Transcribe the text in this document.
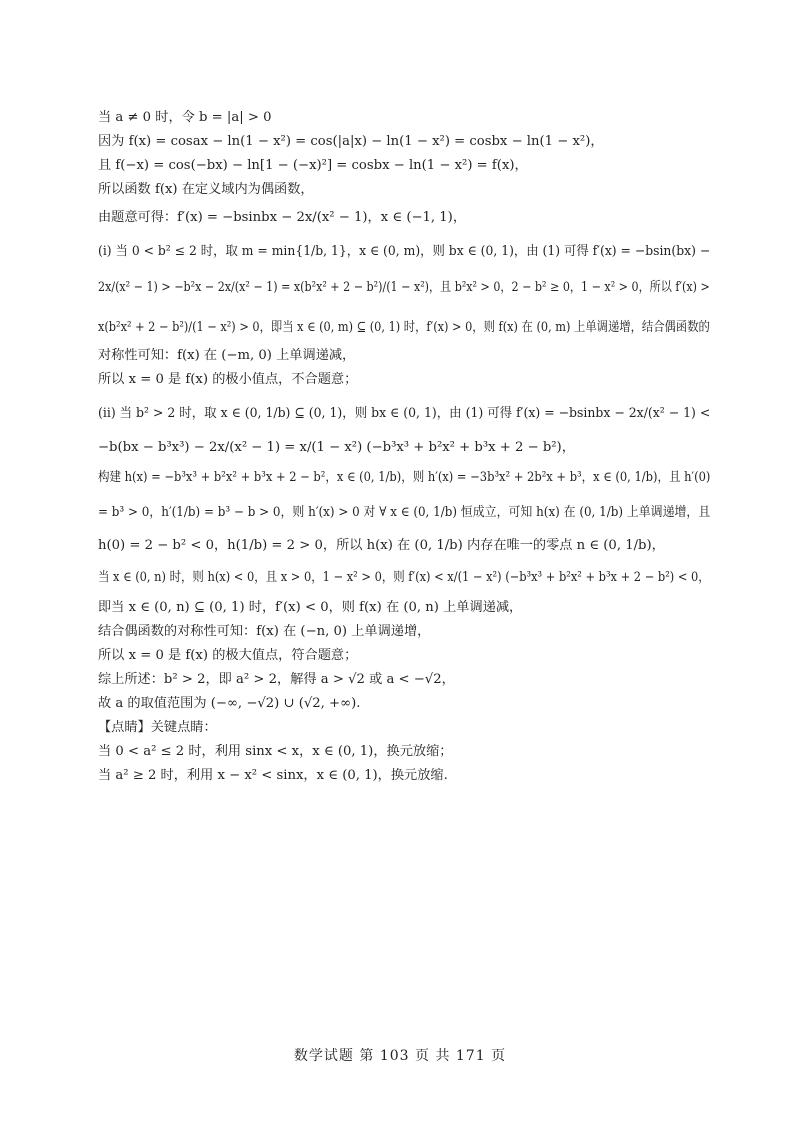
当 a ≠ 0 时，令 b = |a| > 0
因为 f(x) = cosax − ln(1 − x²) = cos(|a|x) − ln(1 − x²) = cosbx − ln(1 − x²)，
且 f(−x) = cos(−bx) − ln[1 − (−x)²] = cosbx − ln(1 − x²) = f(x)，
所以函数 f(x) 在定义域内为偶函数，
由题意可得：f′(x) = −bsinbx − 2x/(x² − 1)，x ∈ (−1, 1)，
(i) 当 0 < b² ≤ 2 时，取 m = min{1/b, 1}，x ∈ (0, m)，则 bx ∈ (0, 1)，由 (1) 可得 f′(x) = −bsin(bx) −
2x/(x² − 1) > −b²x − 2x/(x² − 1) = x(b²x² + 2 − b²)/(1 − x²)，且 b²x² > 0，2 − b² ≥ 0，1 − x² > 0，所以 f′(x) >
x(b²x² + 2 − b²)/(1 − x²) > 0，即当 x ∈ (0, m) ⊆ (0, 1) 时，f′(x) > 0，则 f(x) 在 (0, m) 上单调递增，结合偶函数的
对称性可知：f(x) 在 (−m, 0) 上单调递减，
所以 x = 0 是 f(x) 的极小值点，不合题意；
(ii) 当 b² > 2 时，取 x ∈ (0, 1/b) ⊆ (0, 1)，则 bx ∈ (0, 1)，由 (1) 可得 f′(x) = −bsinbx − 2x/(x² − 1) <
−b(bx − b³x³) − 2x/(x² − 1) = x/(1 − x²) (−b³x³ + b²x² + b³x + 2 − b²)，
构建 h(x) = −b³x³ + b²x² + b³x + 2 − b²，x ∈ (0, 1/b)，则 h′(x) = −3b³x² + 2b²x + b³，x ∈ (0, 1/b)，且 h′(0)
= b³ > 0，h′(1/b) = b³ − b > 0，则 h′(x) > 0 对 ∀ x ∈ (0, 1/b) 恒成立，可知 h(x) 在 (0, 1/b) 上单调递增，且
h(0) = 2 − b² < 0，h(1/b) = 2 > 0，所以 h(x) 在 (0, 1/b) 内存在唯一的零点 n ∈ (0, 1/b)，
当 x ∈ (0, n) 时，则 h(x) < 0，且 x > 0，1 − x² > 0，则 f′(x) < x/(1 − x²) (−b³x³ + b²x² + b³x + 2 − b²) < 0，
即当 x ∈ (0, n) ⊆ (0, 1) 时，f′(x) < 0，则 f(x) 在 (0, n) 上单调递减，
结合偶函数的对称性可知：f(x) 在 (−n, 0) 上单调递增，
所以 x = 0 是 f(x) 的极大值点，符合题意；
综上所述：b² > 2，即 a² > 2，解得 a > √2 或 a < −√2，
故 a 的取值范围为 (−∞, −√2) ∪ (√2, +∞).
【点睛】关键点睛：
当 0 < a² ≤ 2 时，利用 sinx < x，x ∈ (0, 1)，换元放缩；
当 a² ≥ 2 时，利用 x − x² < sinx，x ∈ (0, 1)，换元放缩.
数学试题 第 103 页 共 171 页
